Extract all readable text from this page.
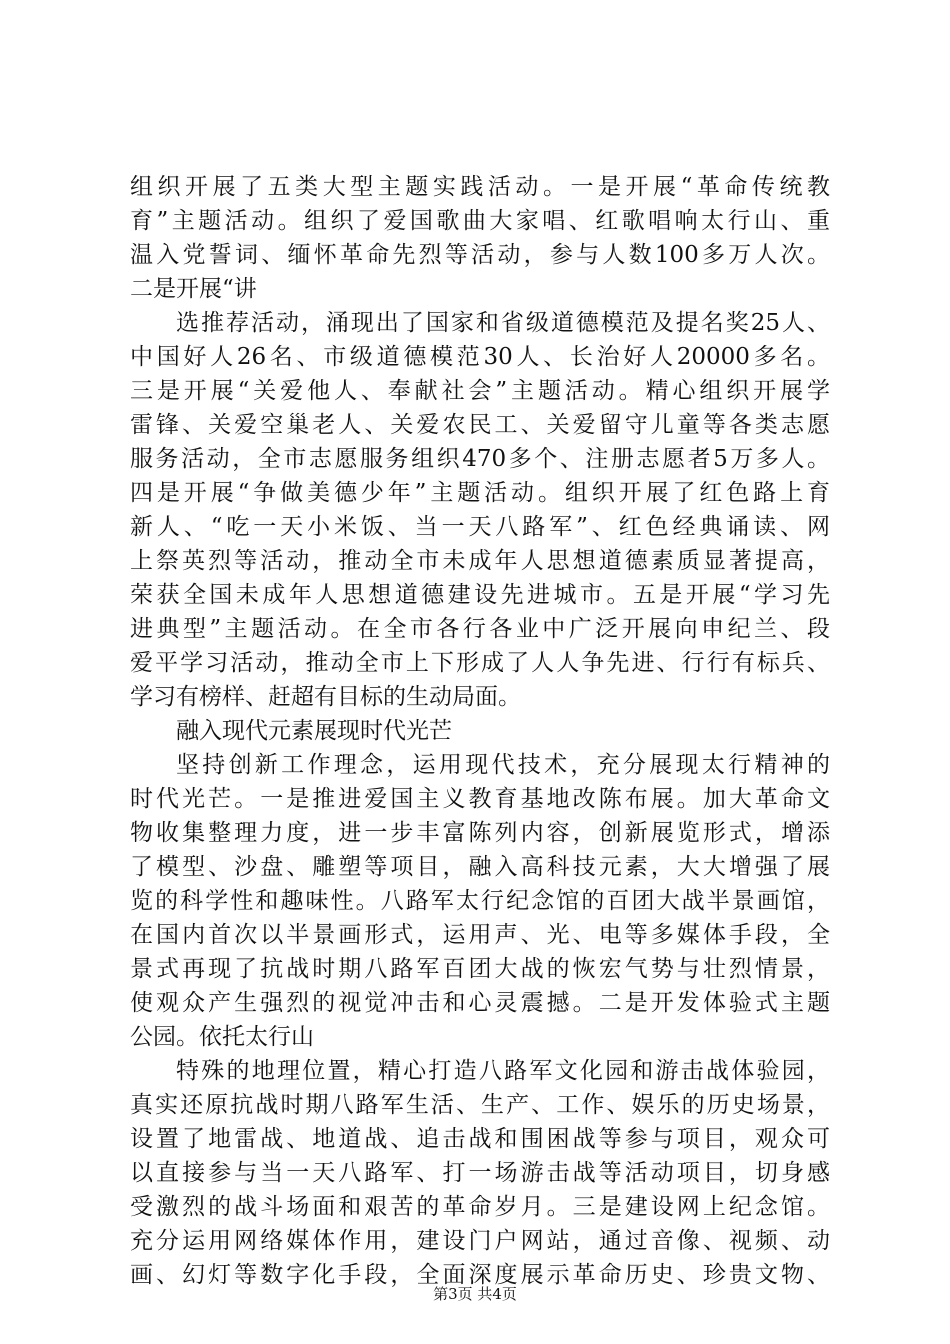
组织开展了五类大型主题实践活动。一是开展“革命传统教
育”主题活动。组织了爱国歌曲大家唱、红歌唱响太行山、重
温入党誓词、缅怀革命先烈等活动，参与人数100多万人次。
二是开展“讲
选推荐活动，涌现出了国家和省级道德模范及提名奖25人、
中国好人26名、市级道德模范30人、长治好人20000多名。
三是开展“关爱他人、奉献社会”主题活动。精心组织开展学
雷锋、关爱空巢老人、关爱农民工、关爱留守儿童等各类志愿
服务活动，全市志愿服务组织470多个、注册志愿者5万多人。
四是开展“争做美德少年”主题活动。组织开展了红色路上育
新人、“吃一天小米饭、当一天八路军”、红色经典诵读、网
上祭英烈等活动，推动全市未成年人思想道德素质显著提高，
荣获全国未成年人思想道德建设先进城市。五是开展“学习先
进典型”主题活动。在全市各行各业中广泛开展向申纪兰、段
爱平学习活动，推动全市上下形成了人人争先进、行行有标兵、
学习有榜样、赶超有目标的生动局面。
融入现代元素展现时代光芒
坚持创新工作理念，运用现代技术，充分展现太行精神的
时代光芒。一是推进爱国主义教育基地改陈布展。加大革命文
物收集整理力度，进一步丰富陈列内容，创新展览形式，增添
了模型、沙盘、雕塑等项目，融入高科技元素，大大增强了展
览的科学性和趣味性。八路军太行纪念馆的百团大战半景画馆，
在国内首次以半景画形式，运用声、光、电等多媒体手段，全
景式再现了抗战时期八路军百团大战的恢宏气势与壮烈情景，
使观众产生强烈的视觉冲击和心灵震撼。二是开发体验式主题
公园。依托太行山
特殊的地理位置，精心打造八路军文化园和游击战体验园，
真实还原抗战时期八路军生活、生产、工作、娱乐的历史场景，
设置了地雷战、地道战、追击战和围困战等参与项目，观众可
以直接参与当一天八路军、打一场游击战等活动项目，切身感
受激烈的战斗场面和艰苦的革命岁月。三是建设网上纪念馆。
充分运用网络媒体作用，建设门户网站，通过音像、视频、动
画、幻灯等数字化手段，全面深度展示革命历史、珍贵文物、
第3页 共4页
